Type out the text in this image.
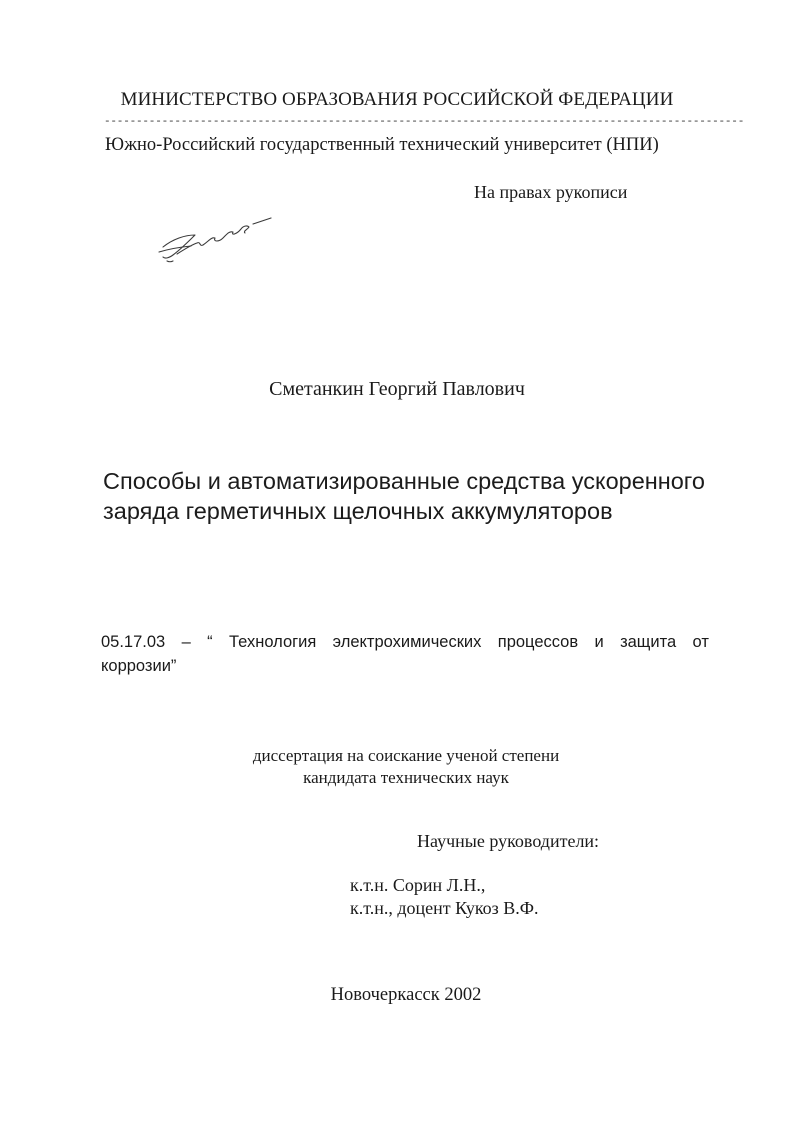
МИНИСТЕРСТВО ОБРАЗОВАНИЯ РОССИЙСКОЙ ФЕДЕРАЦИИ
----------------------------------------------------------------------------------------------------
Южно-Российский государственный технический университет (НПИ)
На правах рукописи
Сметанкин Георгий Павлович
Способы и автоматизированные средства ускоренного
заряда герметичных щелочных аккумуляторов
05.17.03 – “ Технология электрохимических процессов и защита от
коррозии”
диссертация на соискание ученой степени
кандидата технических наук
Научные руководители:
к.т.н. Сорин Л.Н.,
к.т.н., доцент Кукоз В.Ф.
Новочеркасск 2002
